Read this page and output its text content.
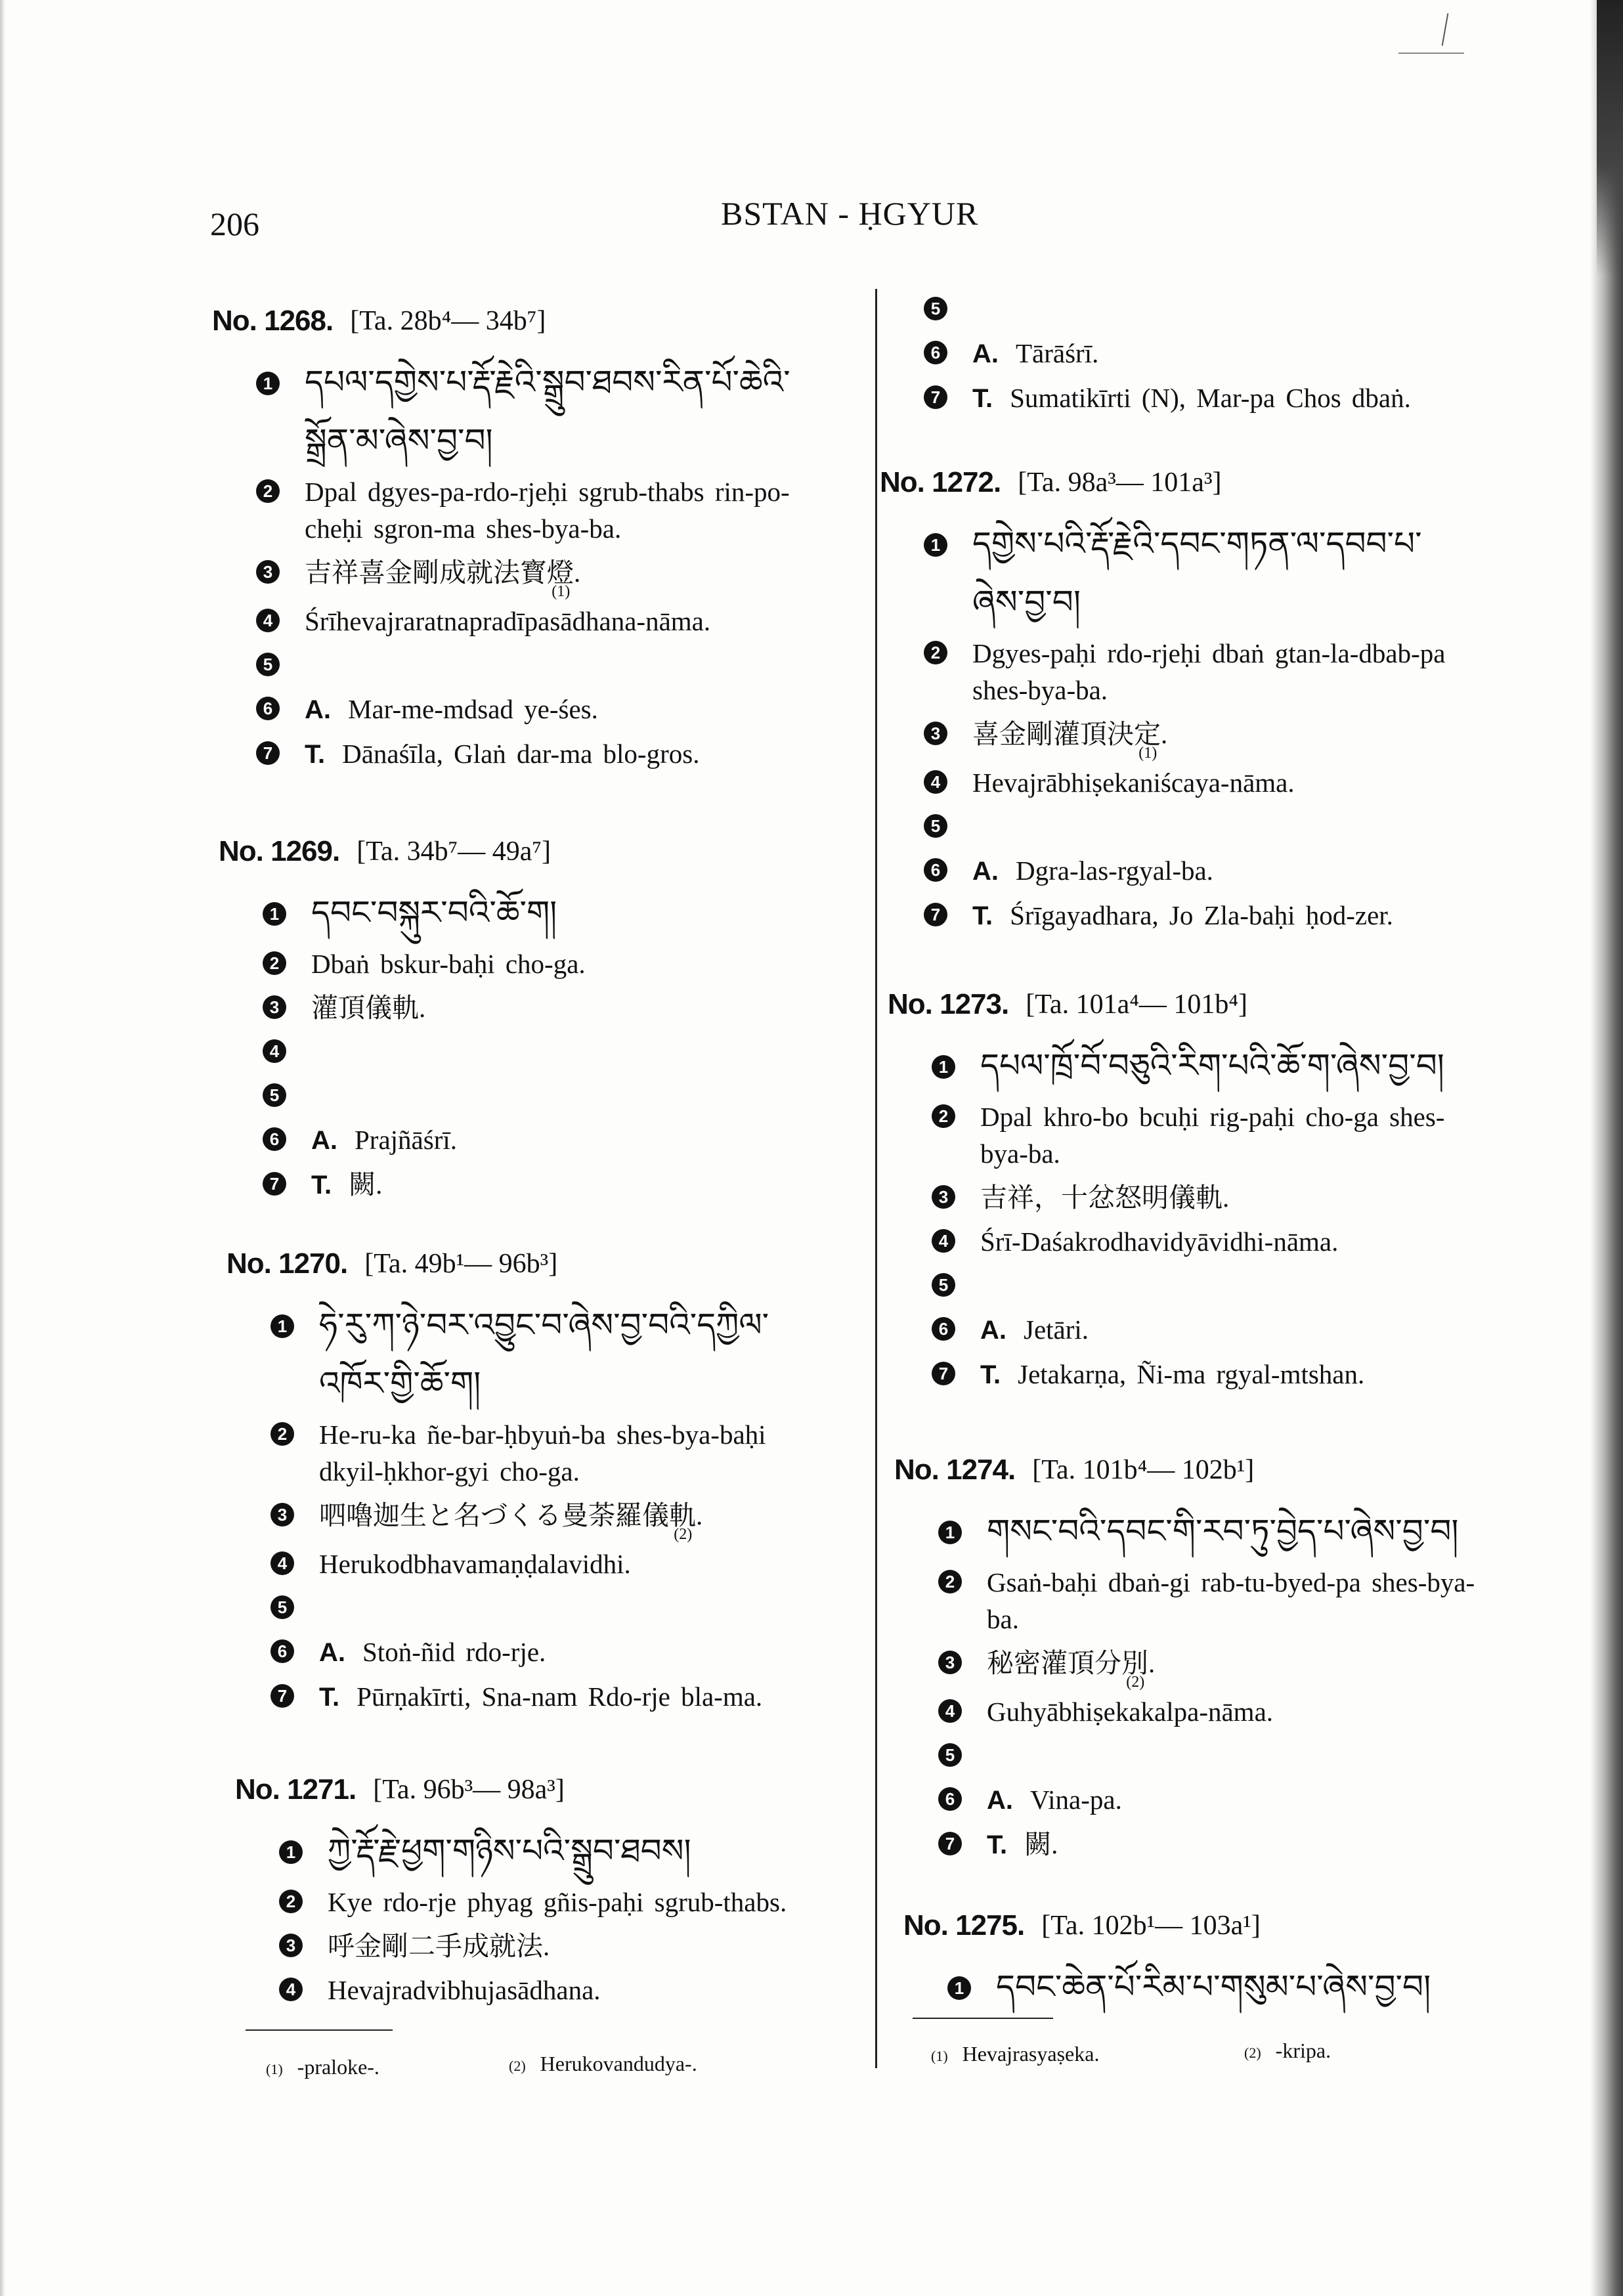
206	BSTAN - ḤGYUR
No. 1268. [Ta. 28b⁴— 34b⁷]
1 དཔལ་དགྱེས་པ་རྡོ་རྗེའི་སྒྲུབ་ཐབས་རིན་པོ་ཆེའི་སྒྲོན་མ་ཞེས་བྱ་བ།
2 Dpal dgyes-pa-rdo-rjeḥi sgrub-thabs rin-po-cheḥi sgron-ma shes-bya-ba.
3 吉祥喜金剛成就法寳燈.(1)
4 Śrīhevajraratnapradīpasādhana-nāma.
5
6 A. Mar-me-mdsad ye-śes.
7 T. Dānaśīla, Glaṅ dar-ma blo-gros.
No. 1269. [Ta. 34b⁷— 49a⁷]
1 དབང་བསྐུར་བའི་ཆོ་ག།
2 Dbaṅ bskur-baḥi cho-ga.
3 灌頂儀軌.
4
5
6 A. Prajñāśrī.
7 T. 闕.
No. 1270. [Ta. 49b¹— 96b³]
1 ཧེ་རུ་ཀ་ཉེ་བར་འབྱུང་བ་ཞེས་བྱ་བའི་དཀྱིལ་འཁོར་གྱི་ཆོ་ག།
2 He-ru-ka ñe-bar-ḥbyuṅ-ba shes-bya-baḥi dkyil-ḥkhor-gyi cho-ga.
3 呬嚕迦生と名づくる曼荼羅儀軌.(2)
4 Herukodbhavamaṇḍalavidhi.
5
6 A. Stoṅ-ñid rdo-rje.
7 T. Pūrṇakīrti, Sna-nam Rdo-rje bla-ma.
No. 1271. [Ta. 96b³— 98a³]
1 ཀྱེ་རྡོ་རྗེ་ཕྱག་གཉིས་པའི་སྒྲུབ་ཐབས།
2 Kye rdo-rje phyag gñis-paḥi sgrub-thabs.
3 呼金剛二手成就法.
4 Hevajradvibhujasādhana.
5
6 A. Tārāśrī.
7 T. Sumatikīrti (N), Mar-pa Chos dbaṅ.
No. 1272. [Ta. 98a³— 101a³]
1 དགྱེས་པའི་རྡོ་རྗེའི་དབང་གཏན་ལ་དབབ་པ་ཞེས་བྱ་བ།
2 Dgyes-paḥi rdo-rjeḥi dbaṅ gtan-la-dbab-pa shes-bya-ba.
3 喜金剛灌頂決定.(1)
4 Hevajrābhiṣekaniścaya-nāma.
5
6 A. Dgra-las-rgyal-ba.
7 T. Śrīgayadhara, Jo Zla-baḥi ḥod-zer.
No. 1273. [Ta. 101a⁴— 101b⁴]
1 དཔལ་ཁྲོ་བོ་བཅུའི་རིག་པའི་ཆོ་ག་ཞེས་བྱ་བ།
2 Dpal khro-bo bcuḥi rig-paḥi cho-ga shes-bya-ba.
3 吉祥，十忿怒明儀軌.
4 Śrī-Daśakrodhavidyāvidhi-nāma.
5
6 A. Jetāri.
7 T. Jetakarṇa, Ñi-ma rgyal-mtshan.
No. 1274. [Ta. 101b⁴— 102b¹]
1 གསང་བའི་དབང་གི་རབ་ཏུ་བྱེད་པ་ཞེས་བྱ་བ།
2 Gsaṅ-baḥi dbaṅ-gi rab-tu-byed-pa shes-bya-ba.
3 秘密灌頂分別.(2)
4 Guhyābhiṣekakalpa-nāma.
5
6 A. Vina-pa.
7 T. 闕.
No. 1275. [Ta. 102b¹— 103a¹]
1 དབང་ཆེན་པོ་རིམ་པ་གསུམ་པ་ཞེས་བྱ་བ།
(1) -praloke-.	(2) Herukovandudya-.	(1) Hevajrasyaṣeka.	(2) -kripa.
